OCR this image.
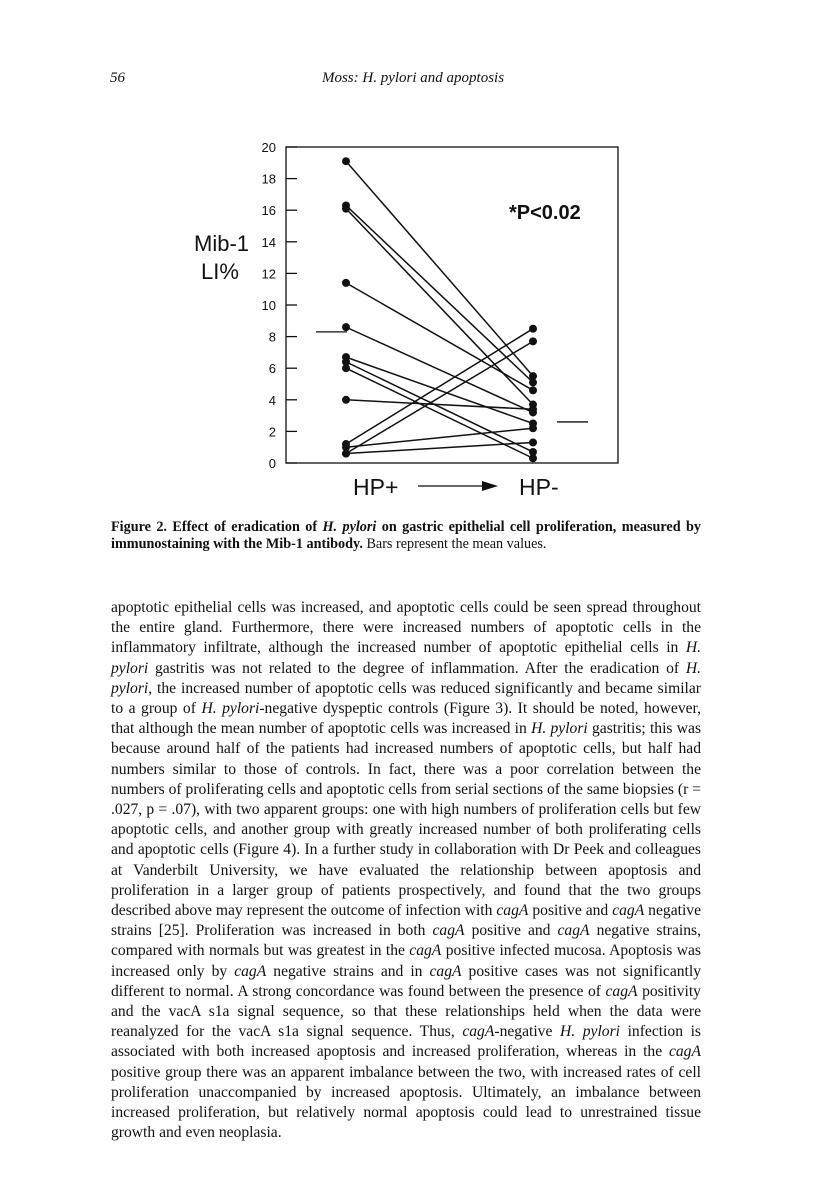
56	Moss: H. pylori and apoptosis
0
2
4
6
8
10
12
14
16
18
20
Mib-1
LI%
*P<0.02
HP+	HP-
Figure 2. Effect of eradication of H. pylori on gastric epithelial cell proliferation, measured by immunostaining with the Mib-1 antibody. Bars represent the mean values.
apoptotic epithelial cells was increased, and apoptotic cells could be seen spread throughout the entire gland. Furthermore, there were increased numbers of apoptotic cells in the inflammatory infiltrate, although the increased number of apoptotic epithelial cells in H. pylori gastritis was not related to the degree of inflammation. After the eradication of H. pylori, the increased number of apoptotic cells was reduced significantly and became similar to a group of H. pylori-negative dyspeptic controls (Figure 3). It should be noted, however, that although the mean number of apoptotic cells was increased in H. pylori gastritis; this was because around half of the patients had increased numbers of apoptotic cells, but half had numbers similar to those of controls. In fact, there was a poor correlation between the numbers of proliferating cells and apoptotic cells from serial sections of the same biopsies (r = .027, p = .07), with two apparent groups: one with high numbers of proliferation cells but few apoptotic cells, and another group with greatly increased number of both proliferating cells and apoptotic cells (Figure 4). In a further study in collaboration with Dr Peek and colleagues at Vanderbilt University, we have evaluated the relationship between apoptosis and proliferation in a larger group of patients prospectively, and found that the two groups described above may represent the outcome of infection with cagA positive and cagA negative strains [25]. Proliferation was increased in both cagA positive and cagA negative strains, compared with normals but was greatest in the cagA positive infected mucosa. Apoptosis was increased only by cagA negative strains and in cagA positive cases was not significantly different to normal. A strong concordance was found between the presence of cagA positivity and the vacA s1a signal sequence, so that these relationships held when the data were reanalyzed for the vacA s1a signal sequence. Thus, cagA-negative H. pylori infection is associated with both increased apoptosis and increased proliferation, whereas in the cagA positive group there was an apparent imbalance between the two, with increased rates of cell proliferation unaccompanied by increased apoptosis. Ultimately, an imbalance between increased proliferation, but relatively normal apoptosis could lead to unrestrained tissue growth and even neoplasia.
